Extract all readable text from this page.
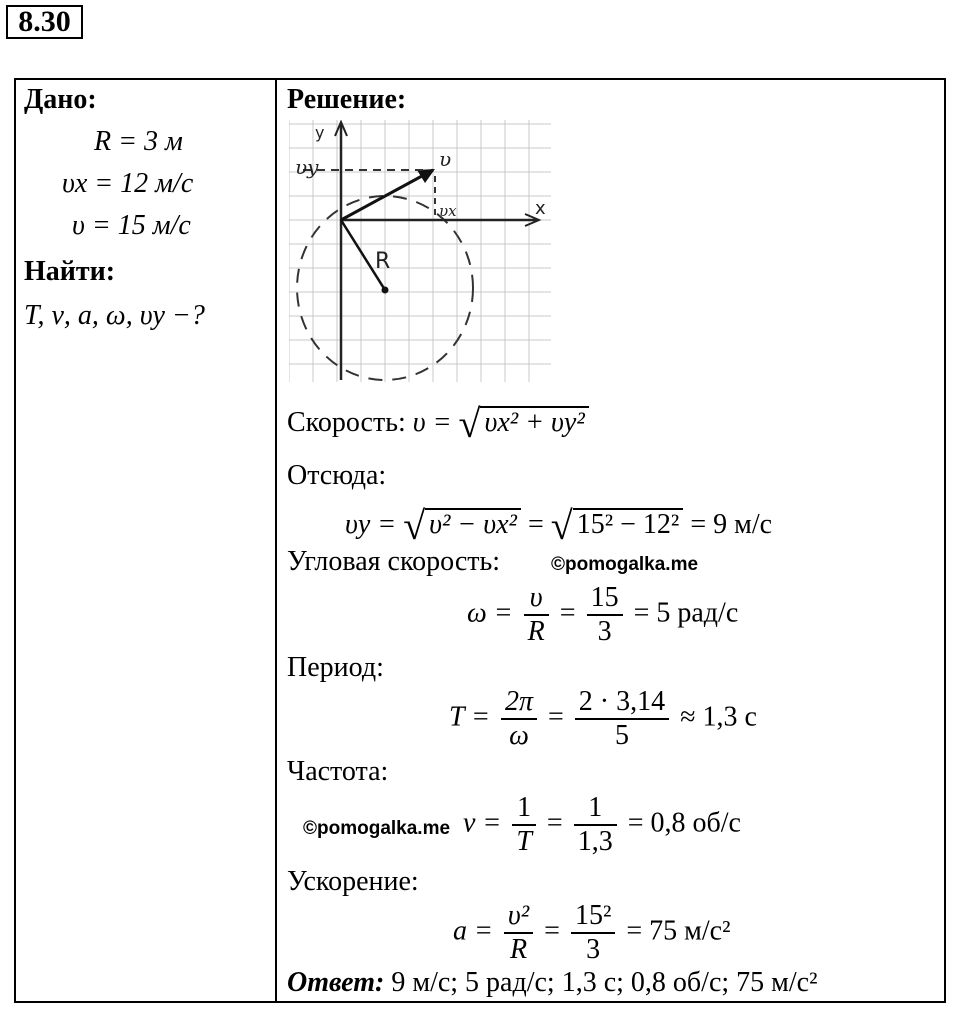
8.30
Дано:
R = 3 м
υx = 12 м/с
υ = 15 м/с
Найти:
T, ν, a, ω, υy −?
Решение:
y
υy	υ
υx	x
R
Скорость: υ = √ υx² + υy²
Отсюда:
υy = √ υ² − υx² = √ 15² − 12² = 9 м/с
Угловая скорость:	©pomogalka.me
$\omega = \frac{\upsilon}{R} = \frac{15}{3} = 5$ рад/с
Период:
$T = \frac{2\pi}{\omega} = \frac{2 \cdot 3,14}{5} \approx 1,3$ с
Частота:
©pomogalka.me $\nu = \frac{1}{T} = \frac{1}{1,3} = 0,8$ об/с
Ускорение:
$a = \frac{\text{υ²}}{R} = \frac{\text{15²}}{3} = 75$ м/с²
Ответ: 9 м/с; 5 рад/с; 1,3 с; 0,8 об/с; 75 м/с²
